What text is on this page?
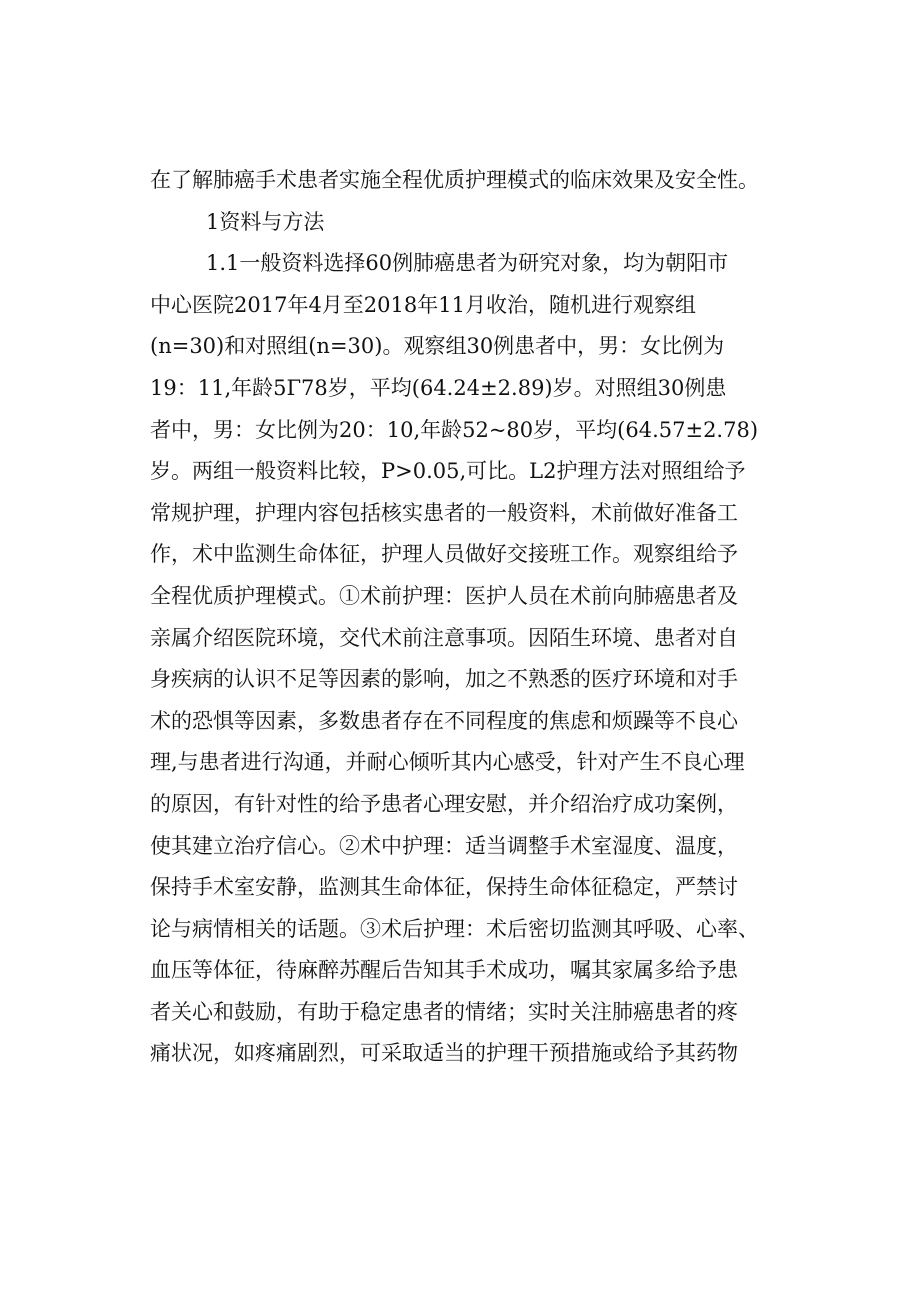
在了解肺癌手术患者实施全程优质护理模式的临床效果及安全性。
1资料与方法
1.1一般资料选择60例肺癌患者为研究对象，均为朝阳市
中心医院2017年4月至2018年11月收治，随机进行观察组
(n=30)和对照组(n=30)。观察组30例患者中，男：女比例为
19：11,年龄5Γ78岁，平均(64.24±2.89)岁。对照组30例患
者中，男：女比例为20：10,年龄52~80岁，平均(64.57±2.78)
岁。两组一般资料比较，P>0.05,可比。L2护理方法对照组给予
常规护理，护理内容包括核实患者的一般资料，术前做好准备工
作，术中监测生命体征，护理人员做好交接班工作。观察组给予
全程优质护理模式。①术前护理：医护人员在术前向肺癌患者及
亲属介绍医院环境，交代术前注意事项。因陌生环境、患者对自
身疾病的认识不足等因素的影响，加之不熟悉的医疗环境和对手
术的恐惧等因素，多数患者存在不同程度的焦虑和烦躁等不良心
理,与患者进行沟通，并耐心倾听其内心感受，针对产生不良心理
的原因，有针对性的给予患者心理安慰，并介绍治疗成功案例，
使其建立治疗信心。②术中护理：适当调整手术室湿度、温度，
保持手术室安静，监测其生命体征，保持生命体征稳定，严禁讨
论与病情相关的话题。③术后护理：术后密切监测其呼吸、心率、
血压等体征，待麻醉苏醒后告知其手术成功，嘱其家属多给予患
者关心和鼓励，有助于稳定患者的情绪；实时关注肺癌患者的疼
痛状况，如疼痛剧烈，可采取适当的护理干预措施或给予其药物
